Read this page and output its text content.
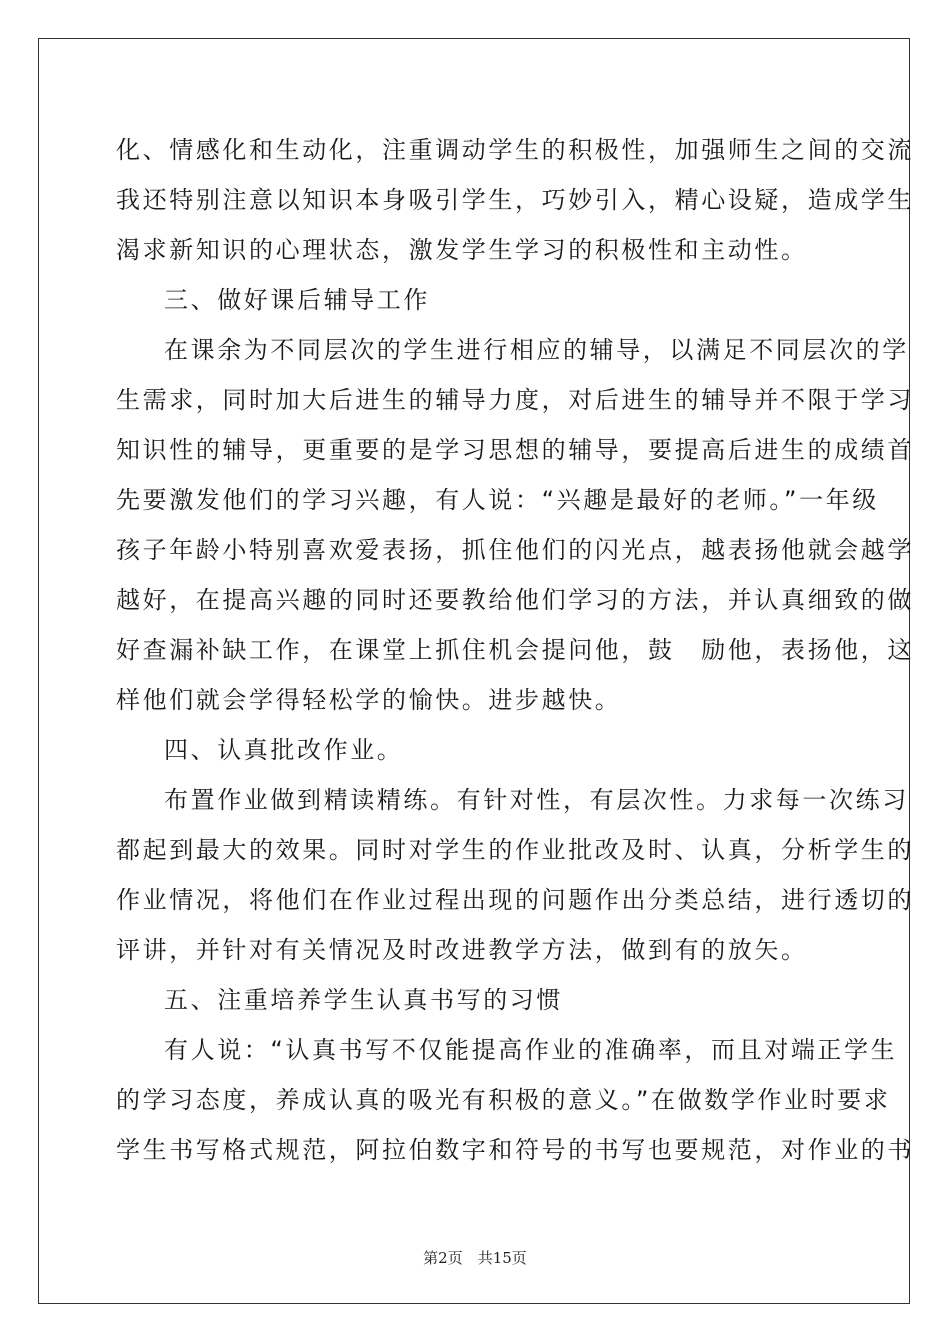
化、情感化和生动化，注重调动学生的积极性，加强师生之间的交流
我还特别注意以知识本身吸引学生，巧妙引入，精心设疑，造成学生
渴求新知识的心理状态，激发学生学习的积极性和主动性。
三、做好课后辅导工作
在课余为不同层次的学生进行相应的辅导，以满足不同层次的学
生需求，同时加大后进生的辅导力度，对后进生的辅导并不限于学习
知识性的辅导，更重要的是学习思想的辅导，要提高后进生的成绩首
先要激发他们的学习兴趣，有人说：“兴趣是最好的老师。”一年级
孩子年龄小特别喜欢爱表扬，抓住他们的闪光点，越表扬他就会越学
越好，在提高兴趣的同时还要教给他们学习的方法，并认真细致的做
好查漏补缺工作，在课堂上抓住机会提问他，鼓　励他，表扬他，这
样他们就会学得轻松学的愉快。进步越快。
四、认真批改作业。
布置作业做到精读精练。有针对性，有层次性。力求每一次练习
都起到最大的效果。同时对学生的作业批改及时、认真，分析学生的
作业情况，将他们在作业过程出现的问题作出分类总结，进行透切的
评讲，并针对有关情况及时改进教学方法，做到有的放矢。
五、注重培养学生认真书写的习惯
有人说：“认真书写不仅能提高作业的准确率，而且对端正学生
的学习态度，养成认真的吸光有积极的意义。”在做数学作业时要求
学生书写格式规范，阿拉伯数字和符号的书写也要规范，对作业的书
第2页　共15页
